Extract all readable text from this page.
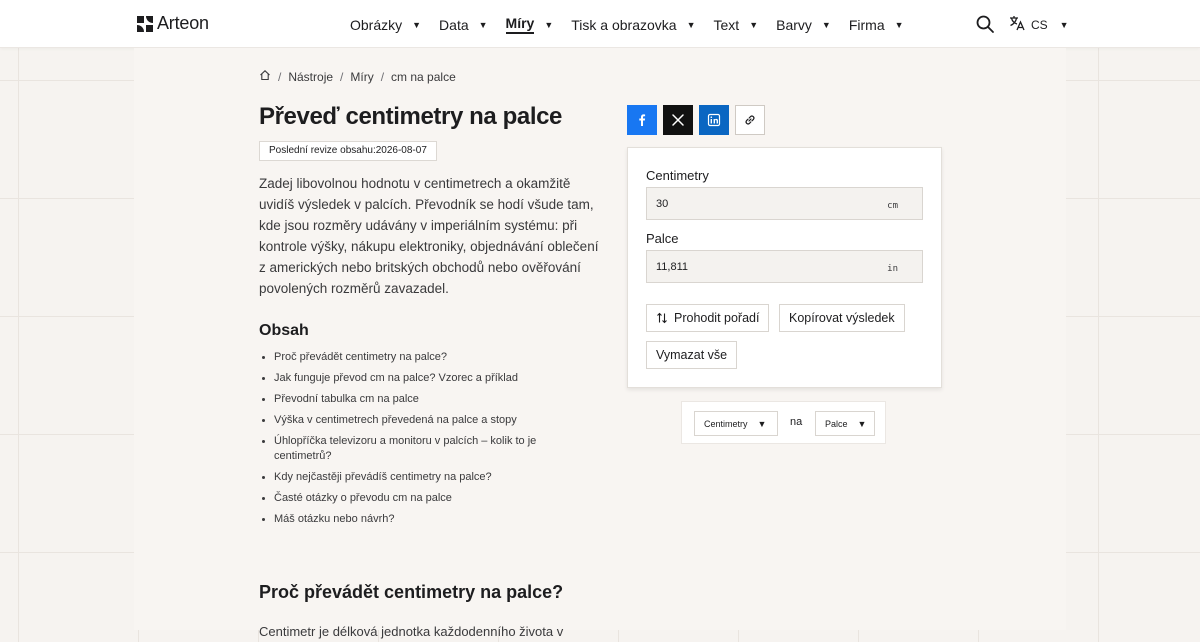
Arteon	Obrázky ▼ Data ▼ Míry ▼ Tisk a obrazovka ▼ Text ▼ Barvy ▼ Firma ▼	CS ▼
/ Nástroje / Míry / cm na palce
Převeď centimetry na palce
Poslední revize obsahu:2026-08-07

Zadej libovolnou hodnotu v centimetrech a okamžitě uvidíš výsledek v palcích. Převodník se hodí všude tam, kde jsou rozměry udávány v imperiálním systému: při kontrole výšky, nákupu elektroniky, objednávání oblečení z amerických nebo britských obchodů nebo ověřování povolených rozměrů zavazadel.

Obsah
Proč převádět centimetry na palce?
Jak funguje převod cm na palce? Vzorec a příklad
Převodní tabulka cm na palce
Výška v centimetrech převedená na palce a stopy
Úhlopříčka televizoru a monitoru v palcích – kolik to je centimetrů?
Kdy nejčastěji převádíš centimetry na palce?
Časté otázky o převodu cm na palce
Máš otázku nebo návrh?
Proč převádět centimetry na palce?

Centimetr je délková jednotka každodenního života v

Centimetry
30
cm
Palce
11,811
in
Prohodit pořadí	Kopírovat výsledek
Vymazat vše
Centimetry ▼ na	Palce ▼
